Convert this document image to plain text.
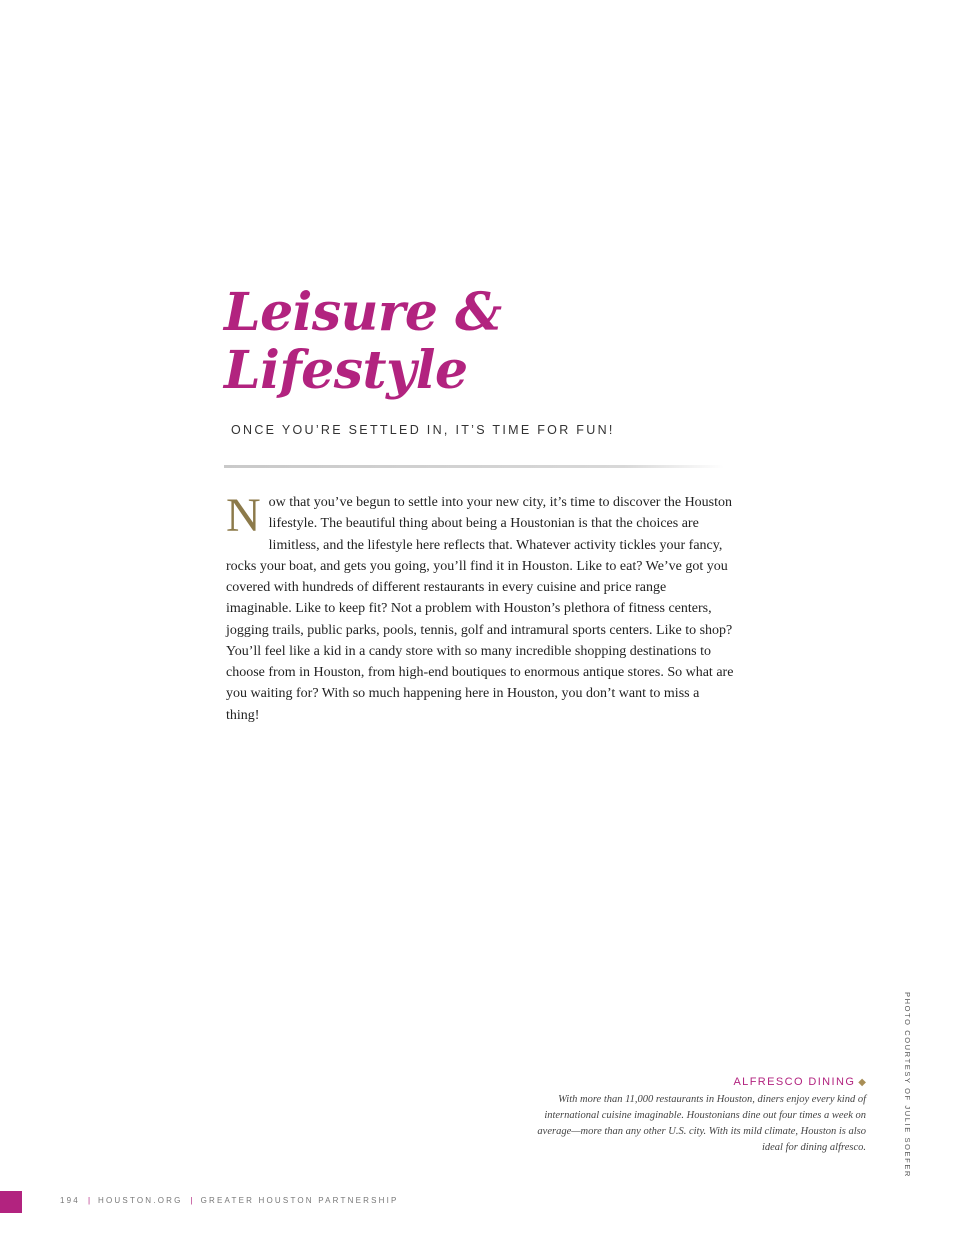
Leisure &
Lifestyle
ONCE YOU’RE SETTLED IN, IT’S TIME FOR FUN!
N ow that you’ve begun to settle into your new city, it’s time to discover the Houston lifestyle. The beautiful thing about being a Houstonian is that the choices are limitless, and the lifestyle here reflects that. Whatever activity tickles your fancy, rocks your boat, and gets you going, you’ll find it in Houston. Like to eat? We’ve got you covered with hundreds of different restaurants in every cuisine and price range imaginable. Like to keep fit? Not a problem with Houston’s plethora of fitness centers, jogging trails, public parks, pools, tennis, golf and intramural sports centers. Like to shop? You’ll feel like a kid in a candy store with so many incredible shopping destinations to choose from in Houston, from high-end boutiques to enormous antique stores. So what are you waiting for? With so much happening here in Houston, you don’t want to miss a thing!
ALFRESCO DINING ◆
With more than 11,000 restaurants in Houston, diners enjoy every kind of international cuisine imaginable. Houstonians dine out four times a week on average—more than any other U.S. city. With its mild climate, Houston is also ideal for dining alfresco.	PHOTO COURTESY OF JULIE SOEFER
194 | HOUSTON.ORG | GREATER HOUSTON PARTNERSHIP
